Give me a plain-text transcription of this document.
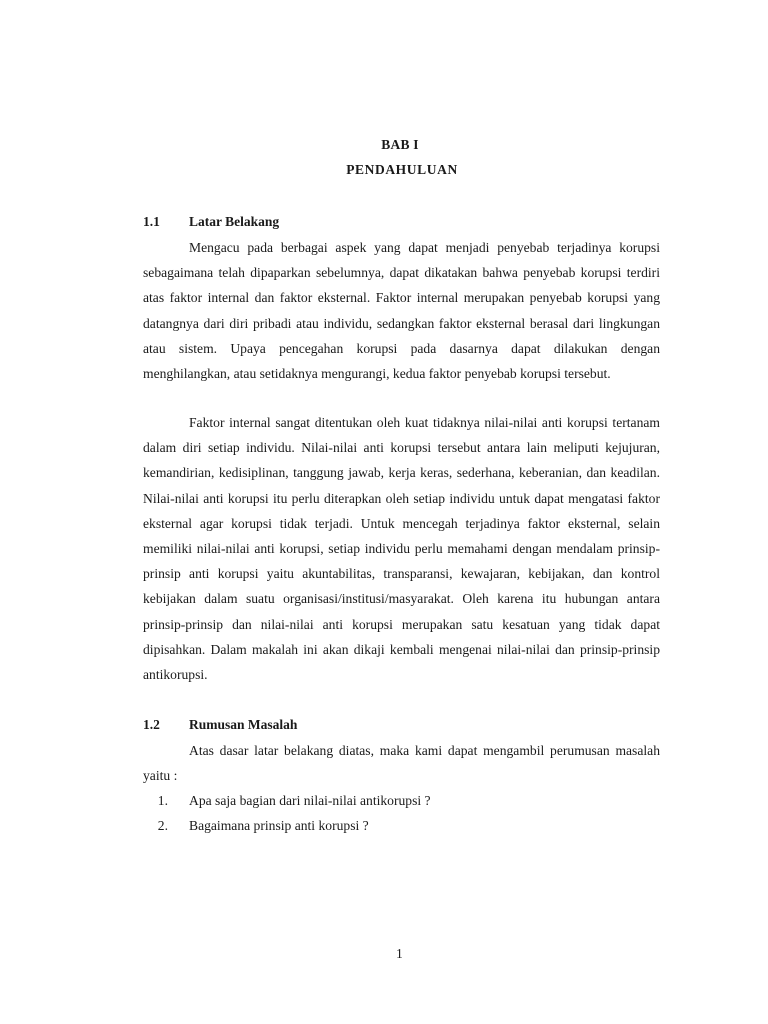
BAB I
PENDAHULUAN
1.1 Latar Belakang

Mengacu pada berbagai aspek yang dapat menjadi penyebab terjadinya korupsi sebagaimana telah dipaparkan sebelumnya, dapat dikatakan bahwa penyebab korupsi terdiri atas faktor internal dan faktor eksternal. Faktor internal merupakan penyebab korupsi yang datangnya dari diri pribadi atau individu, sedangkan faktor eksternal berasal dari lingkungan atau sistem. Upaya pencegahan korupsi pada dasarnya dapat dilakukan dengan menghilangkan, atau setidaknya mengurangi, kedua faktor penyebab korupsi tersebut.

Faktor internal sangat ditentukan oleh kuat tidaknya nilai-nilai anti korupsi tertanam dalam diri setiap individu. Nilai-nilai anti korupsi tersebut antara lain meliputi kejujuran, kemandirian, kedisiplinan, tanggung jawab, kerja keras, sederhana, keberanian, dan keadilan. Nilai-nilai anti korupsi itu perlu diterapkan oleh setiap individu untuk dapat mengatasi faktor eksternal agar korupsi tidak terjadi. Untuk mencegah terjadinya faktor eksternal, selain memiliki nilai-nilai anti korupsi, setiap individu perlu memahami dengan mendalam prinsip-prinsip anti korupsi yaitu akuntabilitas, transparansi, kewajaran, kebijakan, dan kontrol kebijakan dalam suatu organisasi/institusi/masyarakat. Oleh karena itu hubungan antara prinsip-prinsip dan nilai-nilai anti korupsi merupakan satu kesatuan yang tidak dapat dipisahkan. Dalam makalah ini akan dikaji kembali mengenai nilai-nilai dan prinsip-prinsip antikorupsi.

1.2 Rumusan Masalah

Atas dasar latar belakang diatas, maka kami dapat mengambil perumusan masalah yaitu :

1. Apa saja bagian dari nilai-nilai antikorupsi ?
2. Bagaimana prinsip anti korupsi ?
1
